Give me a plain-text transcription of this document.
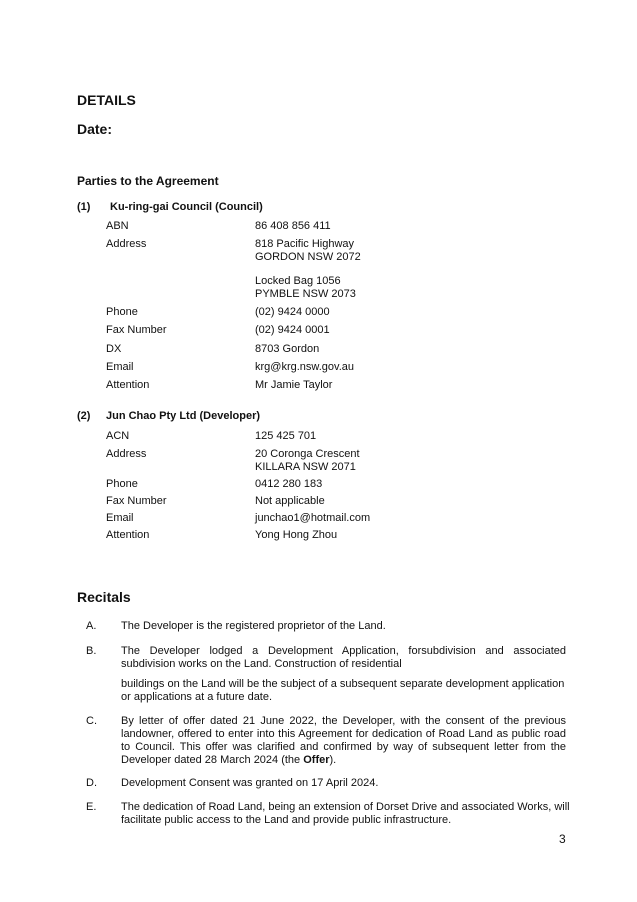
DETAILS
Date:
Parties to the Agreement
(1) Ku-ring-gai Council (Council)
ABN	86 408 856 411
Address	818 Pacific Highway
GORDON NSW 2072
Locked Bag 1056
PYMBLE NSW 2073
Phone	(02) 9424 0000
Fax Number	(02) 9424 0001
DX	8703 Gordon
Email	krg@krg.nsw.gov.au
Attention	Mr Jamie Taylor
(2) Jun Chao Pty Ltd (Developer)
ACN	125 425 701
Address	20 Coronga Crescent
KILLARA NSW 2071
Phone	0412 280 183
Fax Number	Not applicable
Email	junchao1@hotmail.com
Attention	Yong Hong Zhou
Recitals
A. The Developer is the registered proprietor of the Land.
B. The Developer lodged a Development Application, forsubdivision and associated subdivision works on the Land. Construction of residential
buildings on the Land will be the subject of a subsequent separate development application or applications at a future date.
C. By letter of offer dated 21 June 2022, the Developer, with the consent of the previous landowner, offered to enter into this Agreement for dedication of Road Land as public road to Council. This offer was clarified and confirmed by way of subsequent letter from the Developer dated 28 March 2024 (the Offer).
D. Development Consent was granted on 17 April 2024.
E. The dedication of Road Land, being an extension of Dorset Drive and associated Works, will facilitate public access to the Land and provide public infrastructure.
3
